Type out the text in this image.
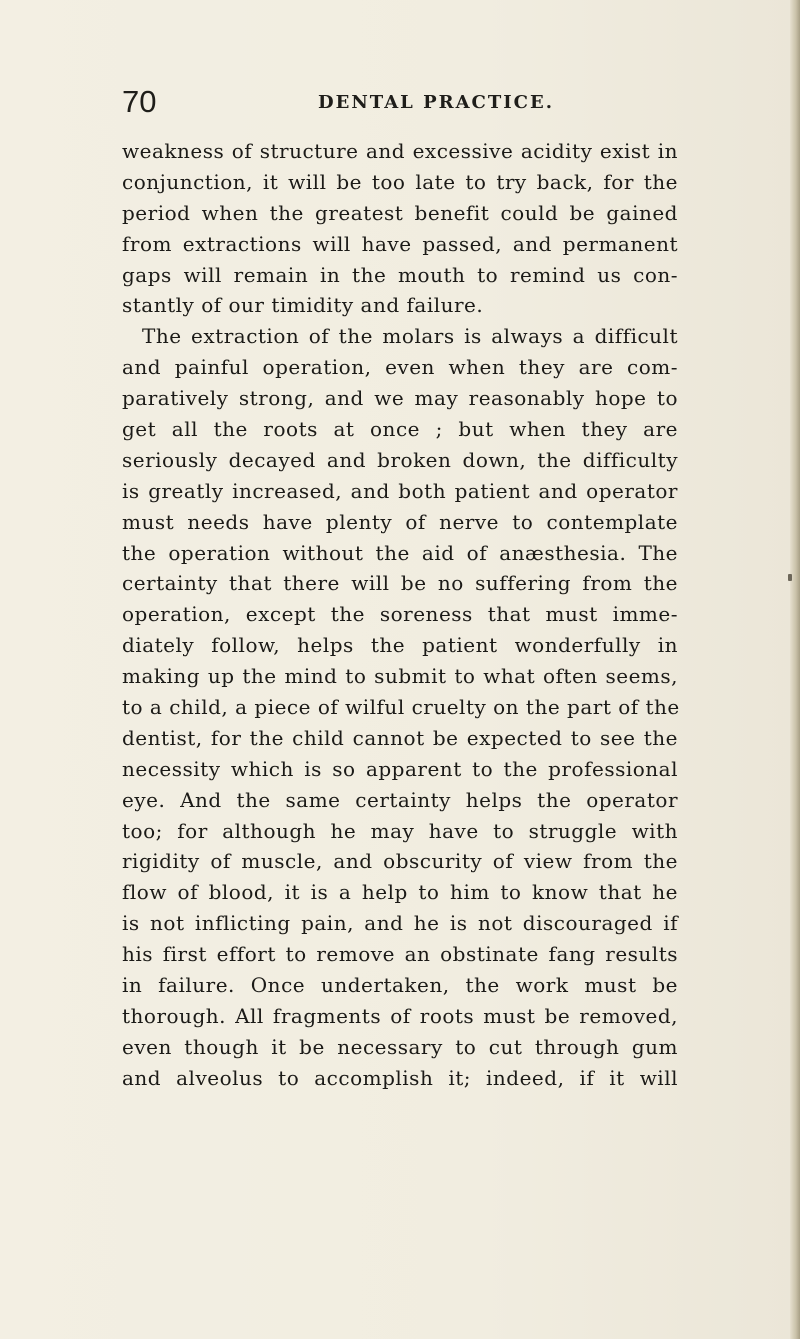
70	DENTAL PRACTICE.
weakness of structure and excessive acidity exist in
conjunction, it will be too late to try back, for the
period when the greatest benefit could be gained
from extractions will have passed, and permanent
gaps will remain in the mouth to remind us con-
stantly of our timidity and failure.
The extraction of the molars is always a difficult
and painful operation, even when they are com-
paratively strong, and we may reasonably hope to
get all the roots at once ; but when they are
seriously decayed and broken down, the difficulty
is greatly increased, and both patient and operator
must needs have plenty of nerve to contemplate
the operation without the aid of anæsthesia. The
certainty that there will be no suffering from the
operation, except the soreness that must imme-
diately follow, helps the patient wonderfully in
making up the mind to submit to what often seems,
to a child, a piece of wilful cruelty on the part of the
dentist, for the child cannot be expected to see the
necessity which is so apparent to the professional
eye. And the same certainty helps the operator
too; for although he may have to struggle with
rigidity of muscle, and obscurity of view from the
flow of blood, it is a help to him to know that he
is not inflicting pain, and he is not discouraged if
his first effort to remove an obstinate fang results
in failure. Once undertaken, the work must be
thorough. All fragments of roots must be removed,
even though it be necessary to cut through gum
and alveolus to accomplish it; indeed, if it will
